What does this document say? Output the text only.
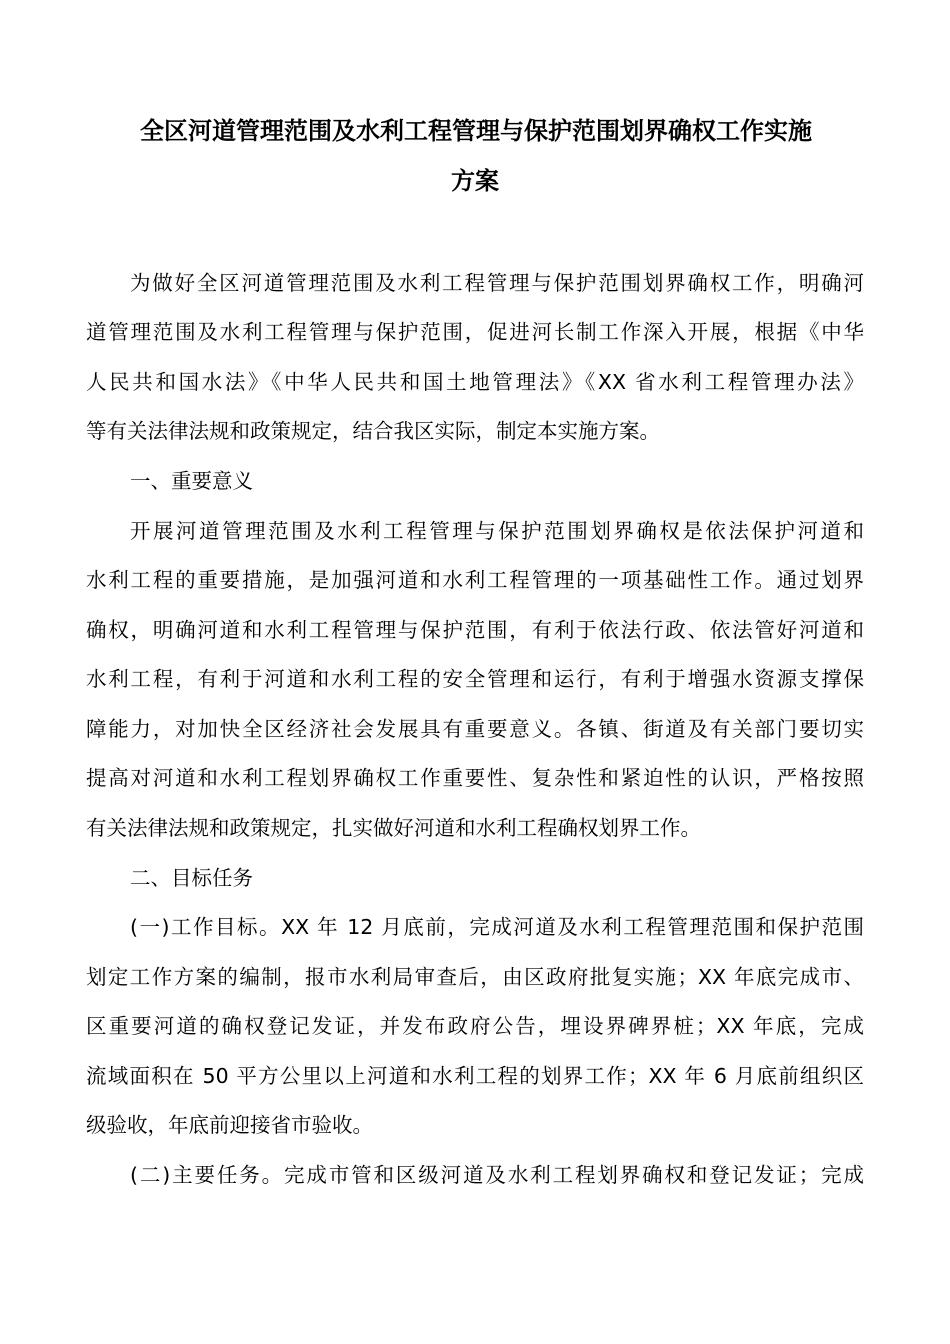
全区河道管理范围及水利工程管理与保护范围划界确权工作实施
方案
为做好全区河道管理范围及水利工程管理与保护范围划界确权工作，明确河
道管理范围及水利工程管理与保护范围，促进河长制工作深入开展，根据《中华
人民共和国水法》《中华人民共和国土地管理法》《XX 省水利工程管理办法》
等有关法律法规和政策规定，结合我区实际，制定本实施方案。
一、重要意义
开展河道管理范围及水利工程管理与保护范围划界确权是依法保护河道和
水利工程的重要措施，是加强河道和水利工程管理的一项基础性工作。通过划界
确权，明确河道和水利工程管理与保护范围，有利于依法行政、依法管好河道和
水利工程，有利于河道和水利工程的安全管理和运行，有利于增强水资源支撑保
障能力，对加快全区经济社会发展具有重要意义。各镇、街道及有关部门要切实
提高对河道和水利工程划界确权工作重要性、复杂性和紧迫性的认识，严格按照
有关法律法规和政策规定，扎实做好河道和水利工程确权划界工作。
二、目标任务
(一)工作目标。XX 年 12 月底前，完成河道及水利工程管理范围和保护范围
划定工作方案的编制，报市水利局审查后，由区政府批复实施；XX 年底完成市、
区重要河道的确权登记发证，并发布政府公告，埋设界碑界桩；XX 年底，完成
流域面积在 50 平方公里以上河道和水利工程的划界工作；XX 年 6 月底前组织区
级验收，年底前迎接省市验收。
(二)主要任务。完成市管和区级河道及水利工程划界确权和登记发证；完成
